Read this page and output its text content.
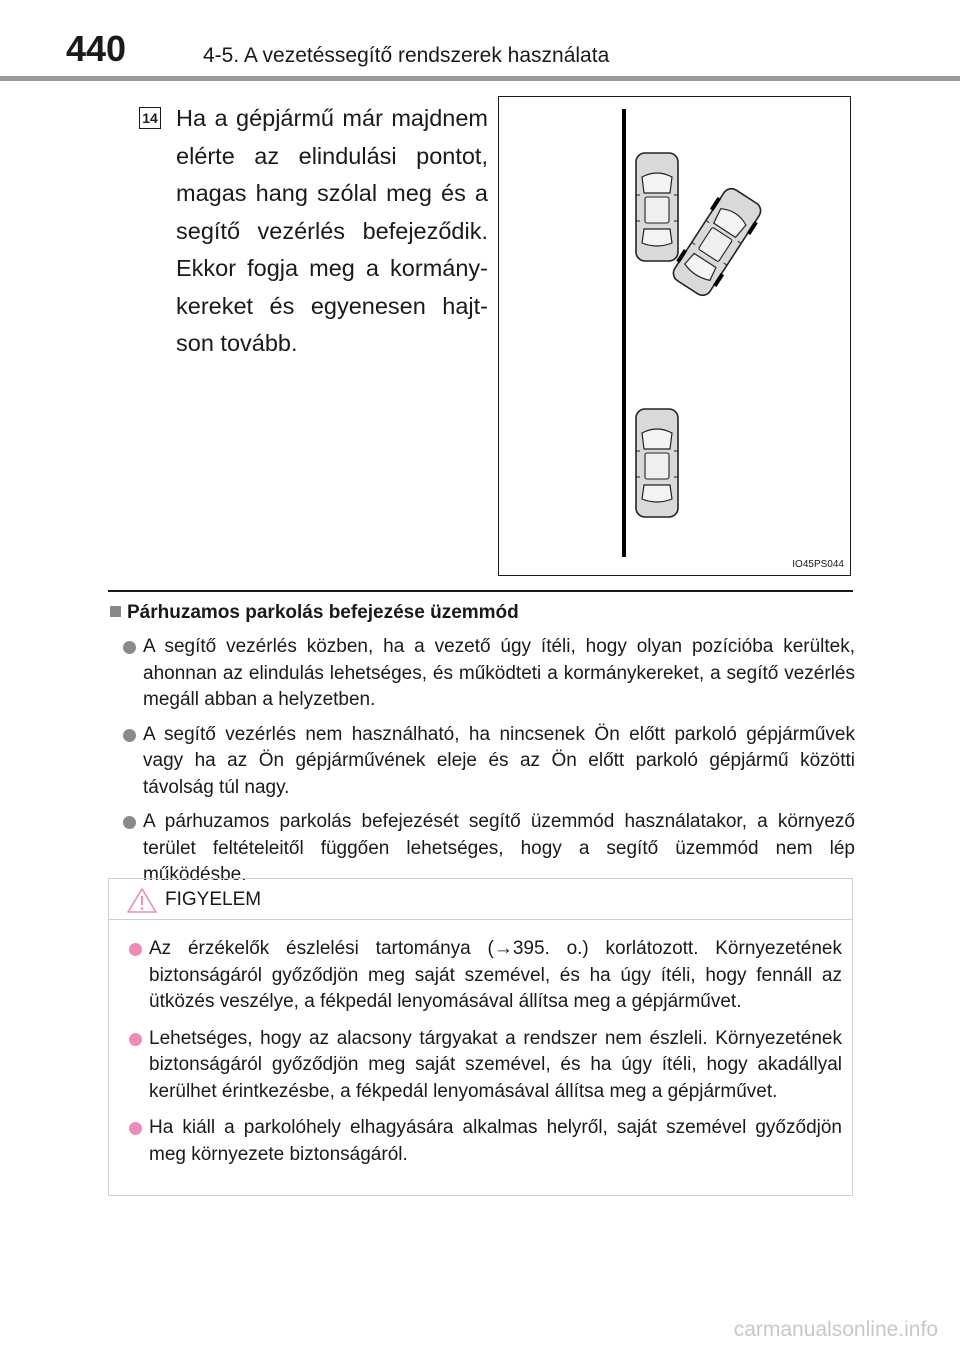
440	4-5. A vezetéssegítő rendszerek használata
14 Ha a gépjármű már majdnem elérte az elindulási pontot, magas hang szólal meg és a segítő vezérlés befejeződik. Ekkor fogja meg a kormánykereket és egyenesen hajtson tovább.
IO45PS044
Párhuzamos parkolás befejezése üzemmód
A segítő vezérlés közben, ha a vezető úgy ítéli, hogy olyan pozícióba kerültek, ahonnan az elindulás lehetséges, és működteti a kormánykereket, a segítő vezérlés megáll abban a helyzetben.
A segítő vezérlés nem használható, ha nincsenek Ön előtt parkoló gépjárművek vagy ha az Ön gépjárművének eleje és az Ön előtt parkoló gépjármű közötti távolság túl nagy.
A párhuzamos parkolás befejezését segítő üzemmód használatakor, a környező terület feltételeitől függően lehetséges, hogy a segítő üzemmód nem lép működésbe.
FIGYELEM
Az érzékelők észlelési tartománya (→395. o.) korlátozott. Környezetének biztonságáról győződjön meg saját szemével, és ha úgy ítéli, hogy fennáll az ütközés veszélye, a fékpedál lenyomásával állítsa meg a gépjárművet.
Lehetséges, hogy az alacsony tárgyakat a rendszer nem észleli. Környezetének biztonságáról győződjön meg saját szemével, és ha úgy ítéli, hogy akadállyal kerülhet érintkezésbe, a fékpedál lenyomásával állítsa meg a gépjárművet.
Ha kiáll a parkolóhely elhagyására alkalmas helyről, saját szemével győződjön meg környezete biztonságáról.
carmanualsonline.info
